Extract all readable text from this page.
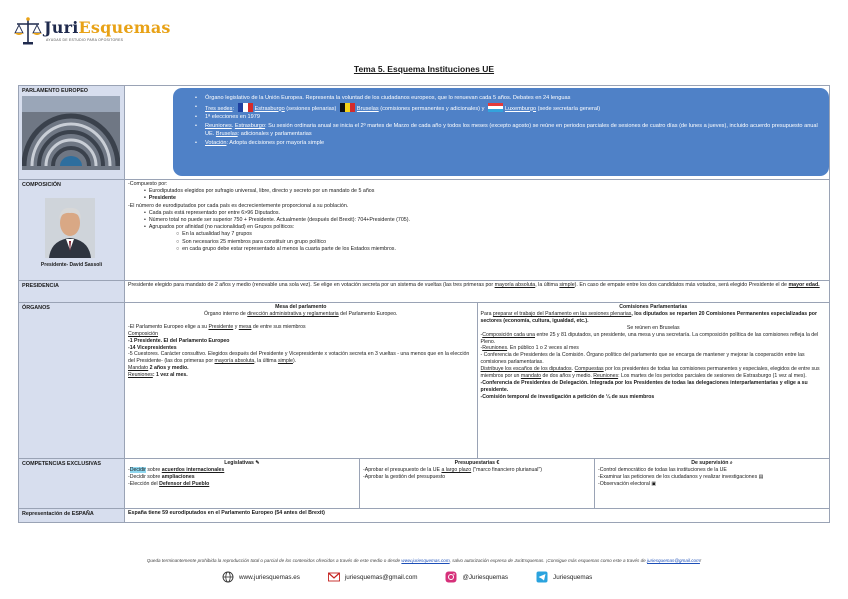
JuriEsquemas
AYUDAS DE ESTUDIO PARA OPOSITORES
Tema 5. Esquema Instituciones UE
PARLAMENTO EUROPEO
• Órgano legislativo de la Unión Europea. Representa la voluntad de los ciudadanos europeos, que lo renuevan cada 5 años. Debates en 24 lenguas
• Tres sedes:	Estrasburgo (sesiones plenarias)	Bruselas (comisiones permanentes y adicionales) y	Luxemburgo (sede secretaría general)
• 1ª elecciones en 1979
• Reuniones. Estrasburgo: Su sesión ordinaria anual se inicia el 2º martes de Marzo de cada año y todos los meses (excepto agosto) se reúne en periodos parciales de sesiones de cuatro días (de lunes a jueves), incluido acuerdo presupuesto anual UE. Bruselas: adicionales y parlamentarias
• Votación: Adopta decisiones por mayoría simple
COMPOSICIÓN
Presidente- David Sassoli
-Compuesto por:
•  Eurodiputados elegidos por sufragio universal, libre, directo y secreto por un mandato de 5 años
•  Presidente
-El número de eurodiputados por cada país es decrecientemente proporcional a su población.
•  Cada país está representado por entre 6>96 Diputados.
•  Número total no puede ser superior 750 + Presidente. Actualmente (después del Brexit): 704+Presidente (705).
•  Agrupados por afinidad (no nacionalidad) en Grupos políticos:
○  En la actualidad hay 7 grupos
○  Son necesarios 25 miembros para constituir un grupo político
○  en cada grupo debe estar representado al menos la cuarta parte de los Estados miembros.
PRESIDENCIA	Presidente elegido para mandato de 2 años y medio (renovable una sola vez). Se elige en votación secreta por un sistema de vueltas (las tres primeras por mayoría absoluta, la última simple). En caso de empate entre los dos candidatos más votados, será elegido Presidente el de mayor edad.
ÓRGANOS	Mesa del parlamento
Órgano interno de dirección administrativa y reglamentaria del Parlamento Europeo.
-El Parlamento Europeo elige a su Presidente y mesa de entre sus miembros
Composición
-1 Presidente. El del Parlamento Europeo
-14 Vicepresidentes
-5 Cuestores. Carácter consultivo. Elegidos después del Presidente y Vicepresidente x votación secreta en 3 vueltas - una menos que en la elección del Presidente- (las dos primeras por mayoría absoluta, la última simple).
Mandato 2 años y medio.
Reuniones: 1 vez al mes.
Comisiones Parlamentarias
Para preparar el trabajo del Parlamento en las sesiones plenarias, los diputados se reparten 20 Comisiones Permanentes especializadas por sectores (economía, cultura, igualdad, etc.).
Se reúnen en Bruselas
-Composición cada una entre 25 y 81 diputados, un presidente, una mesa y una secretaría. La composición política de las comisiones refleja la del Pleno.
-Reuniones. En público 1 o 2 veces al mes
- Conferencia de Presidentes de la Comisión. Órgano político del parlamento que se encarga de mantener y mejorar la cooperación entre las comisiones parlamentarias.
Distribuye los escaños de los diputados. Compuestas por los presidentes de todas las comisiones permanentes y especiales, elegidos de entre sus miembros por un mandato de dos años y medio. Reuniones: Los martes de los periodos parciales de sesiones de Estrasburgo (1 vez al mes).
-Conferencia de Presidentes de Delegación. Integrada por los Presidentes de todas las delegaciones interparlamentarias y elige a su presidente.
-Comisión temporal de investigación a petición de ¼ de sus miembros
COMPETENCIAS EXCLUSIVAS	Legislativas ✎
-Decidir sobre acuerdos internacionales
-Decidir sobre ampliaciones
-Elección del Defensor del Pueblo
Presupuestarias €
-Aprobar el presupuesto de la UE a largo plazo ("marco financiero plurianual")
-Aprobar la gestión del presupuesto
De supervisión ⌕
-Control democrático de todas las instituciones de la UE
-Examinar las peticiones de los ciudadanos y realizar investigaciones ▤
-Observación electoral ▣
Representación de ESPAÑA	España tiene 59 eurodiputados en el Parlamento Europeo (54 antes del Brexit)
Queda terminantemente prohibida la reproducción total o parcial de los contenidos ofrecidos a través de este medio o desde www.juriesquemas.com, salvo autorización expresa de JuriEsquemas. ¡Consigue más esquemas como este a través de juriesquemas@gmail.com!
www.juriesquemas.es	juriesquemas@gmail.com	@Juriesquemas	Juriesquemas
